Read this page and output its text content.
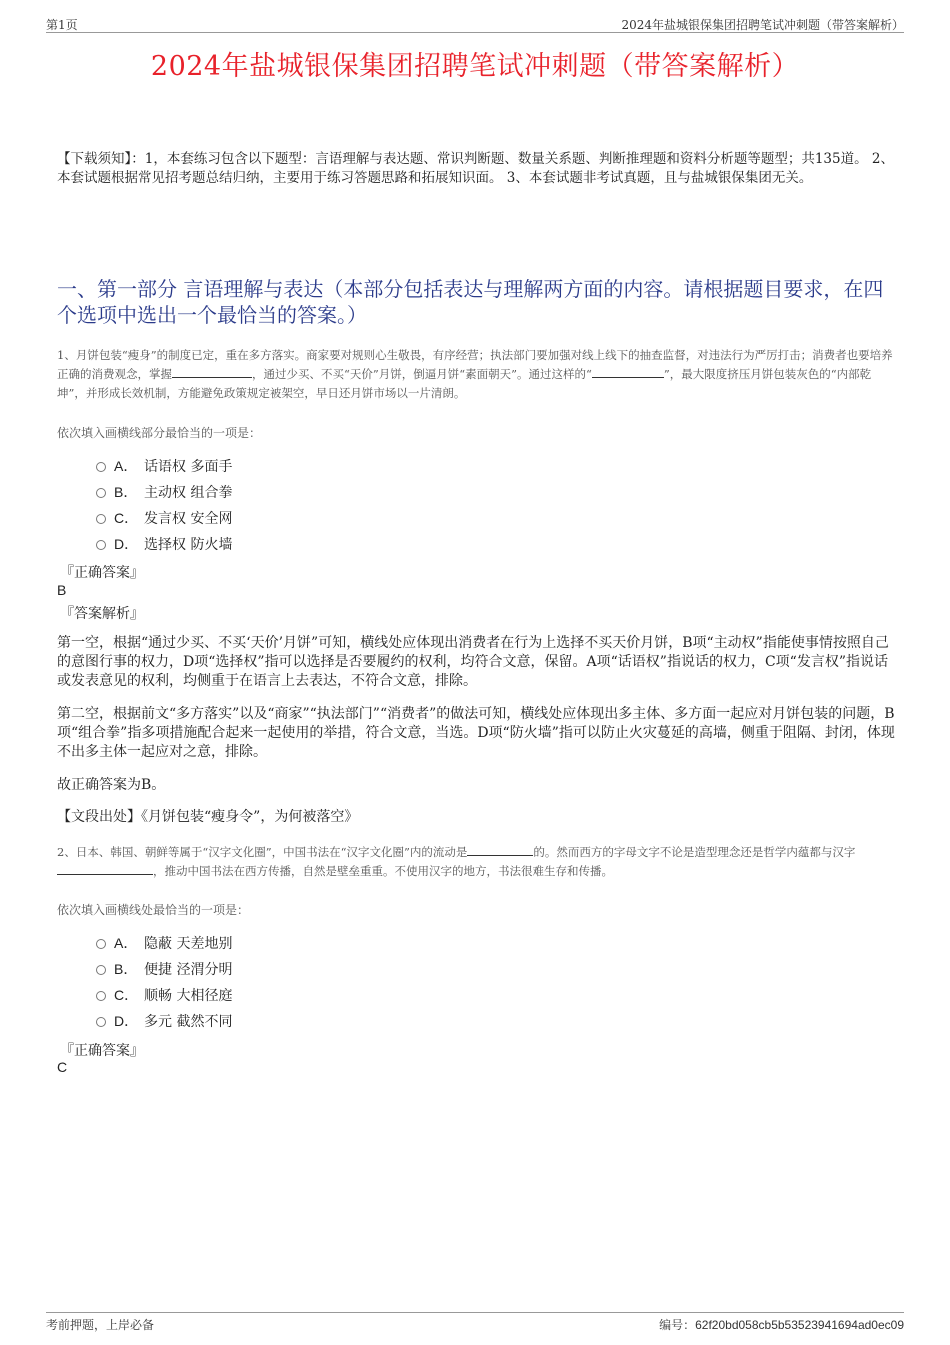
第1页	2024年盐城银保集团招聘笔试冲刺题（带答案解析）
2024年盐城银保集团招聘笔试冲刺题（带答案解析）
【下载须知】：1，本套练习包含以下题型：言语理解与表达题、常识判断题、数量关系题、判断推理题和资料分析题等题型；共135道。 2、本套试题根据常见招考题总结归纳，主要用于练习答题思路和拓展知识面。 3、本套试题非考试真题，且与盐城银保集团无关。
一、第一部分 言语理解与表达（本部分包括表达与理解两方面的内容。请根据题目要求，在四个选项中选出一个最恰当的答案。）
1、月饼包装“瘦身”的制度已定，重在多方落实。商家要对规则心生敬畏，有序经营；执法部门要加强对线上线下的抽查监督，对违法行为严厉打击；消费者也要培养正确的消费观念，掌握	，通过少买、不买“天价”月饼，倒逼月饼“素面朝天”。通过这样的“	”，最大限度挤压月饼包装灰色的“内部乾坤”，并形成长效机制，方能避免政策规定被架空，早日还月饼市场以一片清朗。
依次填入画横线部分最恰当的一项是：
A． 话语权 多面手
B． 主动权 组合拳
C． 发言权 安全网
D． 选择权 防火墙
『正确答案』
B
『答案解析』
第一空，根据“通过少买、不买‘天价’月饼”可知，横线处应体现出消费者在行为上选择不买天价月饼，B项“主动权”指能使事情按照自己的意图行事的权力，D项“选择权”指可以选择是否要履约的权利，均符合文意，保留。A项“话语权”指说话的权力，C项“发言权”指说话或发表意见的权利，均侧重于在语言上去表达，不符合文意，排除。
第二空，根据前文“多方落实”以及“商家”“执法部门”“消费者”的做法可知，横线处应体现出多主体、多方面一起应对月饼包装的问题，B项“组合拳”指多项措施配合起来一起使用的举措，符合文意，当选。D项“防火墙”指可以防止火灾蔓延的高墙，侧重于阻隔、封闭，体现不出多主体一起应对之意，排除。
故正确答案为B。
【文段出处】《月饼包装“瘦身令”，为何被落空》
2、日本、韩国、朝鲜等属于“汉字文化圈”，中国书法在“汉字文化圈”内的流动是	的。然而西方的字母文字不论是造型理念还是哲学内蕴都与汉字，推动中国书法在西方传播，自然是壁垒重重。不使用汉字的地方，书法很难生存和传播。
依次填入画横线处最恰当的一项是：
A． 隐蔽 天差地别
B． 便捷 泾渭分明
C． 顺畅 大相径庭
D． 多元 截然不同
『正确答案』
C
考前押题，上岸必备	编号：62f20bd058cb5b53523941694ad0ec09
